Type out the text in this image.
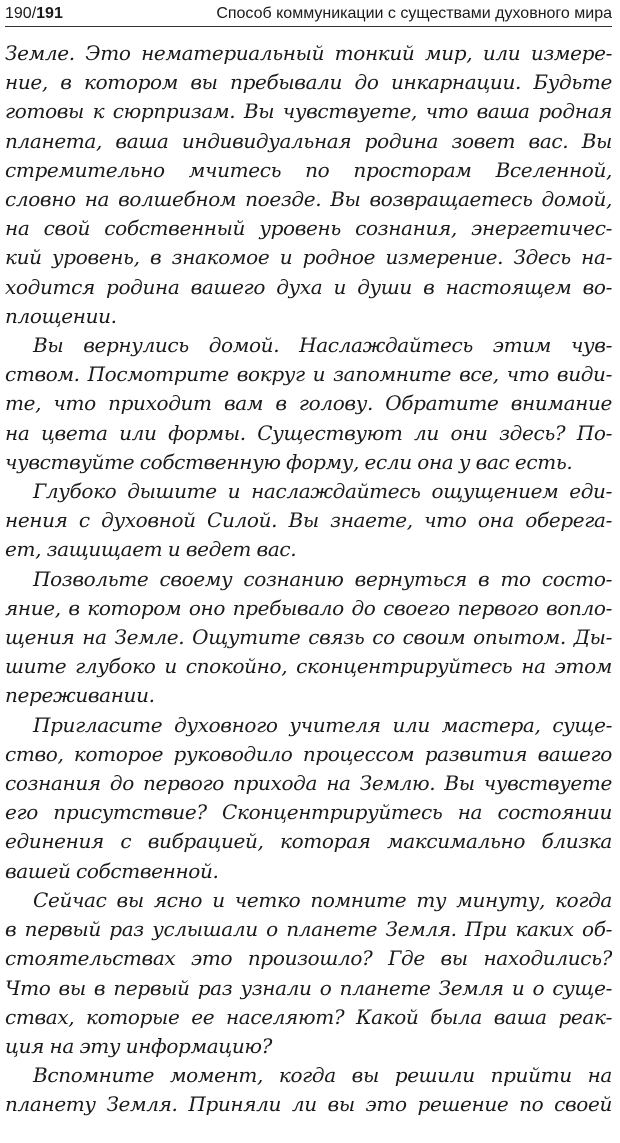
190/191	Способ коммуникации с существами духовного мира

Земле. Это нематериальный тонкий мир, или измере-

ние, в котором вы пребывали до инкарнации. Будьте

готовы к сюрпризам. Вы чувствуете, что ваша родная

планета, ваша индивидуальная родина зовет вас. Вы

стремительно мчитесь по просторам Вселенной,

словно на волшебном поезде. Вы возвращаетесь домой,

на свой собственный уровень сознания, энергетичес-

кий уровень, в знакомое и родное измерение. Здесь на-

ходится родина вашего духа и души в настоящем во-

площении.

Вы вернулись домой. Наслаждайтесь этим чув-

ством. Посмотрите вокруг и запомните все, что види-

те, что приходит вам в голову. Обратите внимание

на цвета или формы. Существуют ли они здесь? По-

чувствуйте собственную форму, если она у вас есть.

Глубоко дышите и наслаждайтесь ощущением еди-

нения с духовной Силой. Вы знаете, что она оберега-

ет, защищает и ведет вас.

Позвольте своему сознанию вернуться в то состо-

яние, в котором оно пребывало до своего первого вопло-

щения на Земле. Ощутите связь со своим опытом. Ды-

шите глубоко и спокойно, сконцентрируйтесь на этом

переживании.

Пригласите духовного учителя или мастера, суще-

ство, которое руководило процессом развития вашего

сознания до первого прихода на Землю. Вы чувствуете

его присутствие? Сконцентрируйтесь на состоянии

единения с вибрацией, которая максимально близка

вашей собственной.

Сейчас вы ясно и четко помните ту минуту, когда

в первый раз услышали о планете Земля. При каких об-

стоятельствах это произошло? Где вы находились?

Что вы в первый раз узнали о планете Земля и о суще-

ствах, которые ее населяют? Какой была ваша реак-

ция на эту информацию?

Вспомните момент, когда вы решили прийти на

планету Земля. Приняли ли вы это решение по своей
